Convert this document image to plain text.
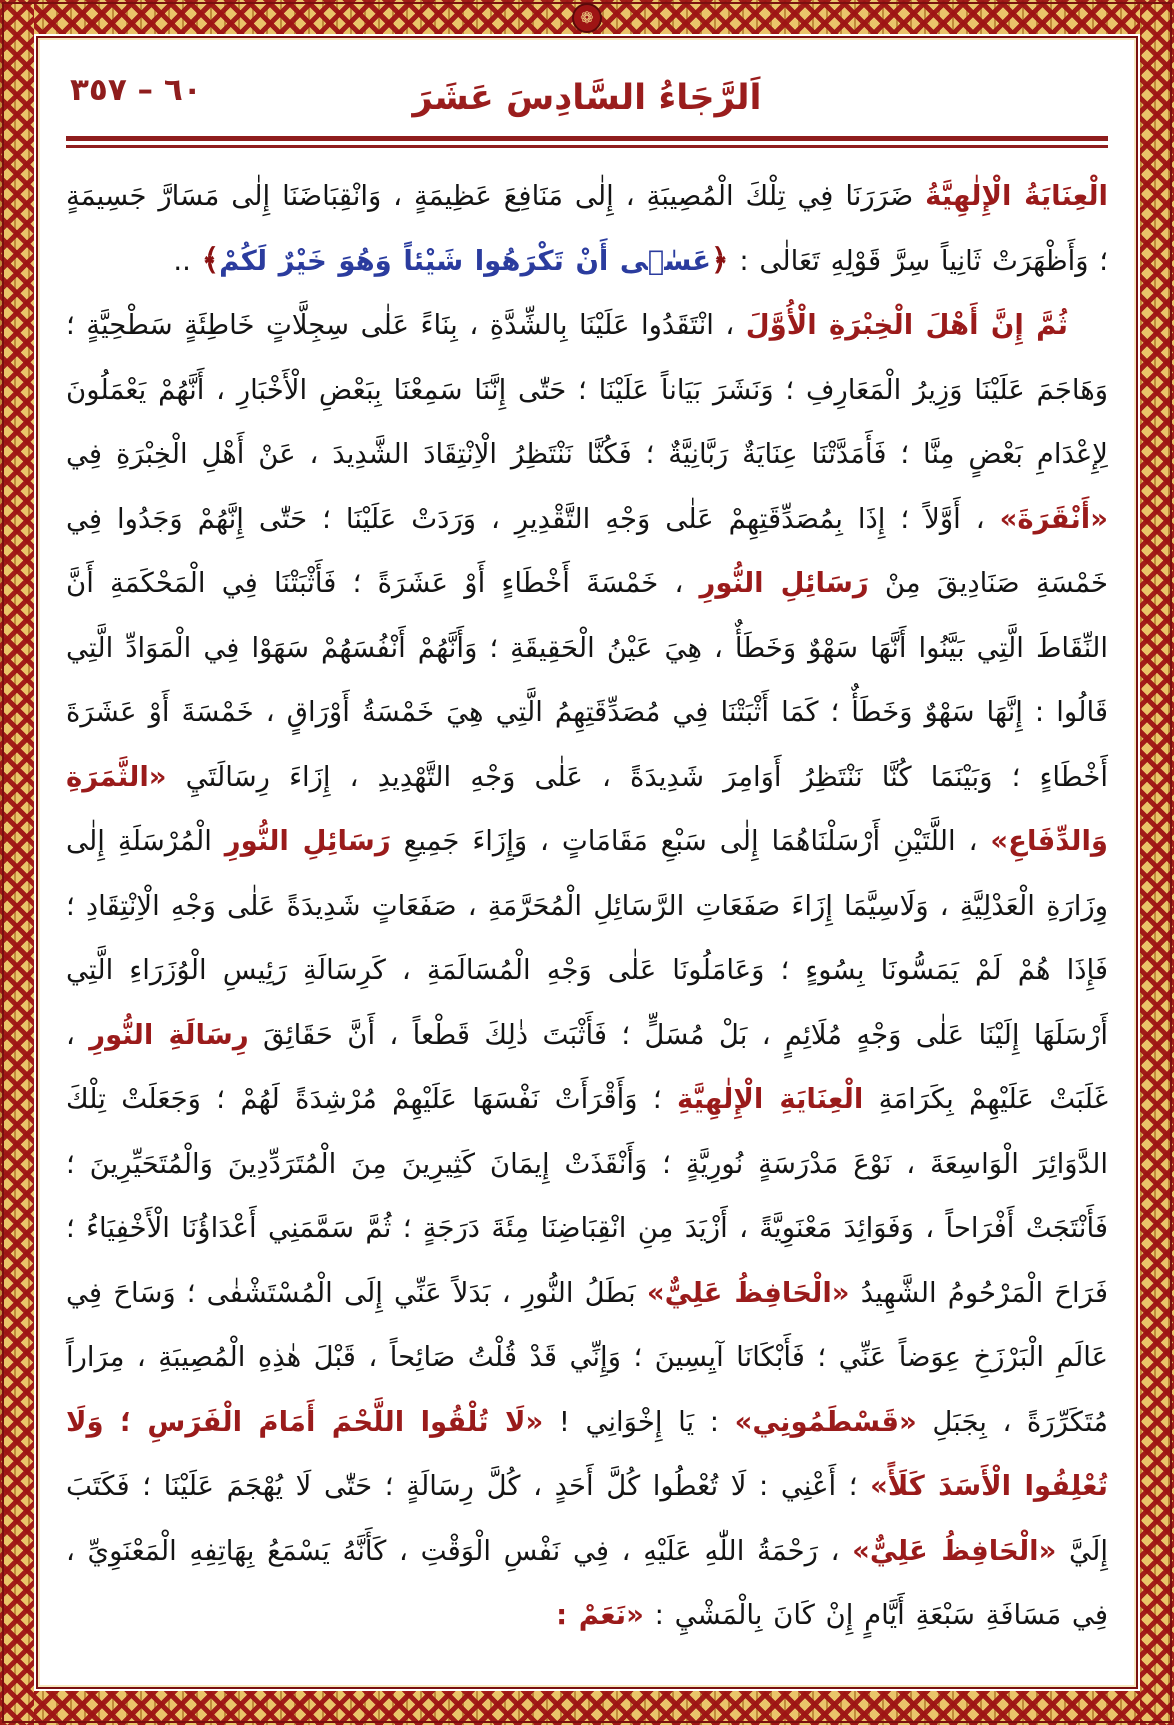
❁
٦٠ – ٣٥٧	اَلرَّجَاءُ السَّادِسَ عَشَرَ

الْعِنَايَةُ الْإِلٰهِيَّةُ ضَرَرَنَا فِي تِلْكَ الْمُصِيبَةِ ، إِلٰى مَنَافِعَ عَظِيمَةٍ ، وَانْقِبَاضَنَا إِلٰى مَسَارَّ جَسِيمَةٍ ؛ وَأَظْهَرَتْ ثَانِياً سِرَّ قَوْلِهِ تَعَالٰى : ﴿عَسٰۤى أَنْ تَكْرَهُوا شَيْئاً وَهُوَ خَيْرٌ لَكُمْ﴾ ..

ثُمَّ إِنَّ أَهْلَ الْخِبْرَةِ الْأُوَّلَ ، انْتَقَدُوا عَلَيْنَا بِالشِّدَّةِ ، بِنَاءً عَلٰى سِجِلَّاتٍ خَاطِئَةٍ سَطْحِيَّةٍ ؛ وَهَاجَمَ عَلَيْنَا وَزِيرُ الْمَعَارِفِ ؛ وَنَشَرَ بَيَاناً عَلَيْنَا ؛ حَتّٰى إِنَّنَا سَمِعْنَا بِبَعْضِ الْأَخْبَارِ ، أَنَّهُمْ يَعْمَلُونَ لِإِعْدَامِ بَعْضٍ مِنَّا ؛ فَأَمَدَّتْنَا عِنَايَةٌ رَبَّانِيَّةٌ ؛ فَكُنَّا نَنْتَظِرُ الْاِنْتِقَادَ الشَّدِيدَ ، عَنْ أَهْلِ الْخِبْرَةِ فِي «أَنْقَرَةَ» ، أَوَّلاً ؛ إِذَا بِمُصَدِّقَتِهِمْ عَلٰى وَجْهِ التَّقْدِيرِ ، وَرَدَتْ عَلَيْنَا ؛ حَتّٰى إِنَّهُمْ وَجَدُوا فِي خَمْسَةِ صَنَادِيقَ مِنْ رَسَائِلِ النُّورِ ، خَمْسَةَ أَخْطَاءٍ أَوْ عَشَرَةً ؛ فَأَثْبَتْنَا فِي الْمَحْكَمَةِ أَنَّ النِّقَاطَ الَّتِي بَيَّنُوا أَنَّهَا سَهْوٌ وَخَطَأٌ ، هِيَ عَيْنُ الْحَقِيقَةِ ؛ وَأَنَّهُمْ أَنْفُسَهُمْ سَهَوْا فِي الْمَوَادِّ الَّتِي قَالُوا : إِنَّهَا سَهْوٌ وَخَطَأٌ ؛ كَمَا أَثْبَتْنَا فِي مُصَدِّقَتِهِمُ الَّتِي هِيَ خَمْسَةُ أَوْرَاقٍ ، خَمْسَةَ أَوْ عَشَرَةَ أَخْطَاءٍ ؛ وَبَيْنَمَا كُنَّا نَنْتَظِرُ أَوَامِرَ شَدِيدَةً ، عَلٰى وَجْهِ التَّهْدِيدِ ، إِزَاءَ رِسَالَتَيِ «الثَّمَرَةِ وَالدِّفَاعِ» ، اللَّتَيْنِ أَرْسَلْنَاهُمَا إِلٰى سَبْعِ مَقَامَاتٍ ، وَإِزَاءَ جَمِيعِ رَسَائِلِ النُّورِ الْمُرْسَلَةِ إِلٰى وِزَارَةِ الْعَدْلِيَّةِ ، وَلَاسِيَّمَا إِزَاءَ صَفَعَاتِ الرَّسَائِلِ الْمُحَرَّمَةِ ، صَفَعَاتٍ شَدِيدَةً عَلٰى وَجْهِ الْاِنْتِقَادِ ؛ فَإِذَا هُمْ لَمْ يَمَسُّونَا بِسُوءٍ ؛ وَعَامَلُونَا عَلٰى وَجْهِ الْمُسَالَمَةِ ، كَرِسَالَةِ رَئِيسِ الْوُزَرَاءِ الَّتِي أَرْسَلَهَا إِلَيْنَا عَلٰى وَجْهٍ مُلَائِمٍ ، بَلْ مُسَلٍّ ؛ فَأَثْبَتَ ذٰلِكَ قَطْعاً ، أَنَّ حَقَائِقَ رِسَالَةِ النُّورِ ، غَلَبَتْ عَلَيْهِمْ بِكَرَامَةِ الْعِنَايَةِ الْإِلٰهِيَّةِ ؛ وَأَقْرَأَتْ نَفْسَهَا عَلَيْهِمْ مُرْشِدَةً لَهُمْ ؛ وَجَعَلَتْ تِلْكَ الدَّوَائِرَ الْوَاسِعَةَ ، نَوْعَ مَدْرَسَةٍ نُورِيَّةٍ ؛ وَأَنْقَذَتْ إِيمَانَ كَثِيرِينَ مِنَ الْمُتَرَدِّدِينَ وَالْمُتَحَيِّرِينَ ؛ فَأَنْتَجَتْ أَفْرَاحاً ، وَفَوَائِدَ مَعْنَوِيَّةً ، أَزْيَدَ مِنِ انْقِبَاضِنَا مِئَةَ دَرَجَةٍ ؛ ثُمَّ سَمَّمَنِي أَعْدَاؤُنَا الْأَخْفِيَاءُ ؛ فَرَاحَ الْمَرْحُومُ الشَّهِيدُ «الْحَافِظُ عَلِيٌّ» بَطَلُ النُّورِ ، بَدَلاً عَنِّي إِلَى الْمُسْتَشْفٰى ؛ وَسَاحَ فِي عَالَمِ الْبَرْزَخِ عِوَضاً عَنِّي ؛ فَأَبْكَانَا آيِسِينَ ؛ وَإِنِّي قَدْ قُلْتُ صَائِحاً ، قَبْلَ هٰذِهِ الْمُصِيبَةِ ، مِرَاراً مُتَكَرِّرَةً ، بِجَبَلِ «قَسْطَمُونِي» : يَا إِخْوَانِي ! «لَا تُلْقُوا اللَّحْمَ أَمَامَ الْفَرَسِ ؛ وَلَا تُعْلِفُوا الْأَسَدَ كَلَأً» ؛ أَعْنِي : لَا تُعْطُوا كُلَّ أَحَدٍ ، كُلَّ رِسَالَةٍ ؛ حَتّٰى لَا يُهْجَمَ عَلَيْنَا ؛ فَكَتَبَ إِلَيَّ «الْحَافِظُ عَلِيٌّ» ، رَحْمَةُ اللّٰهِ عَلَيْهِ ، فِي نَفْسِ الْوَقْتِ ، كَأَنَّهُ يَسْمَعُ بِهَاتِفِهِ الْمَعْنَوِيِّ ، فِي مَسَافَةِ سَبْعَةِ أَيَّامٍ إِنْ كَانَ بِالْمَشْيِ : «نَعَمْ :
